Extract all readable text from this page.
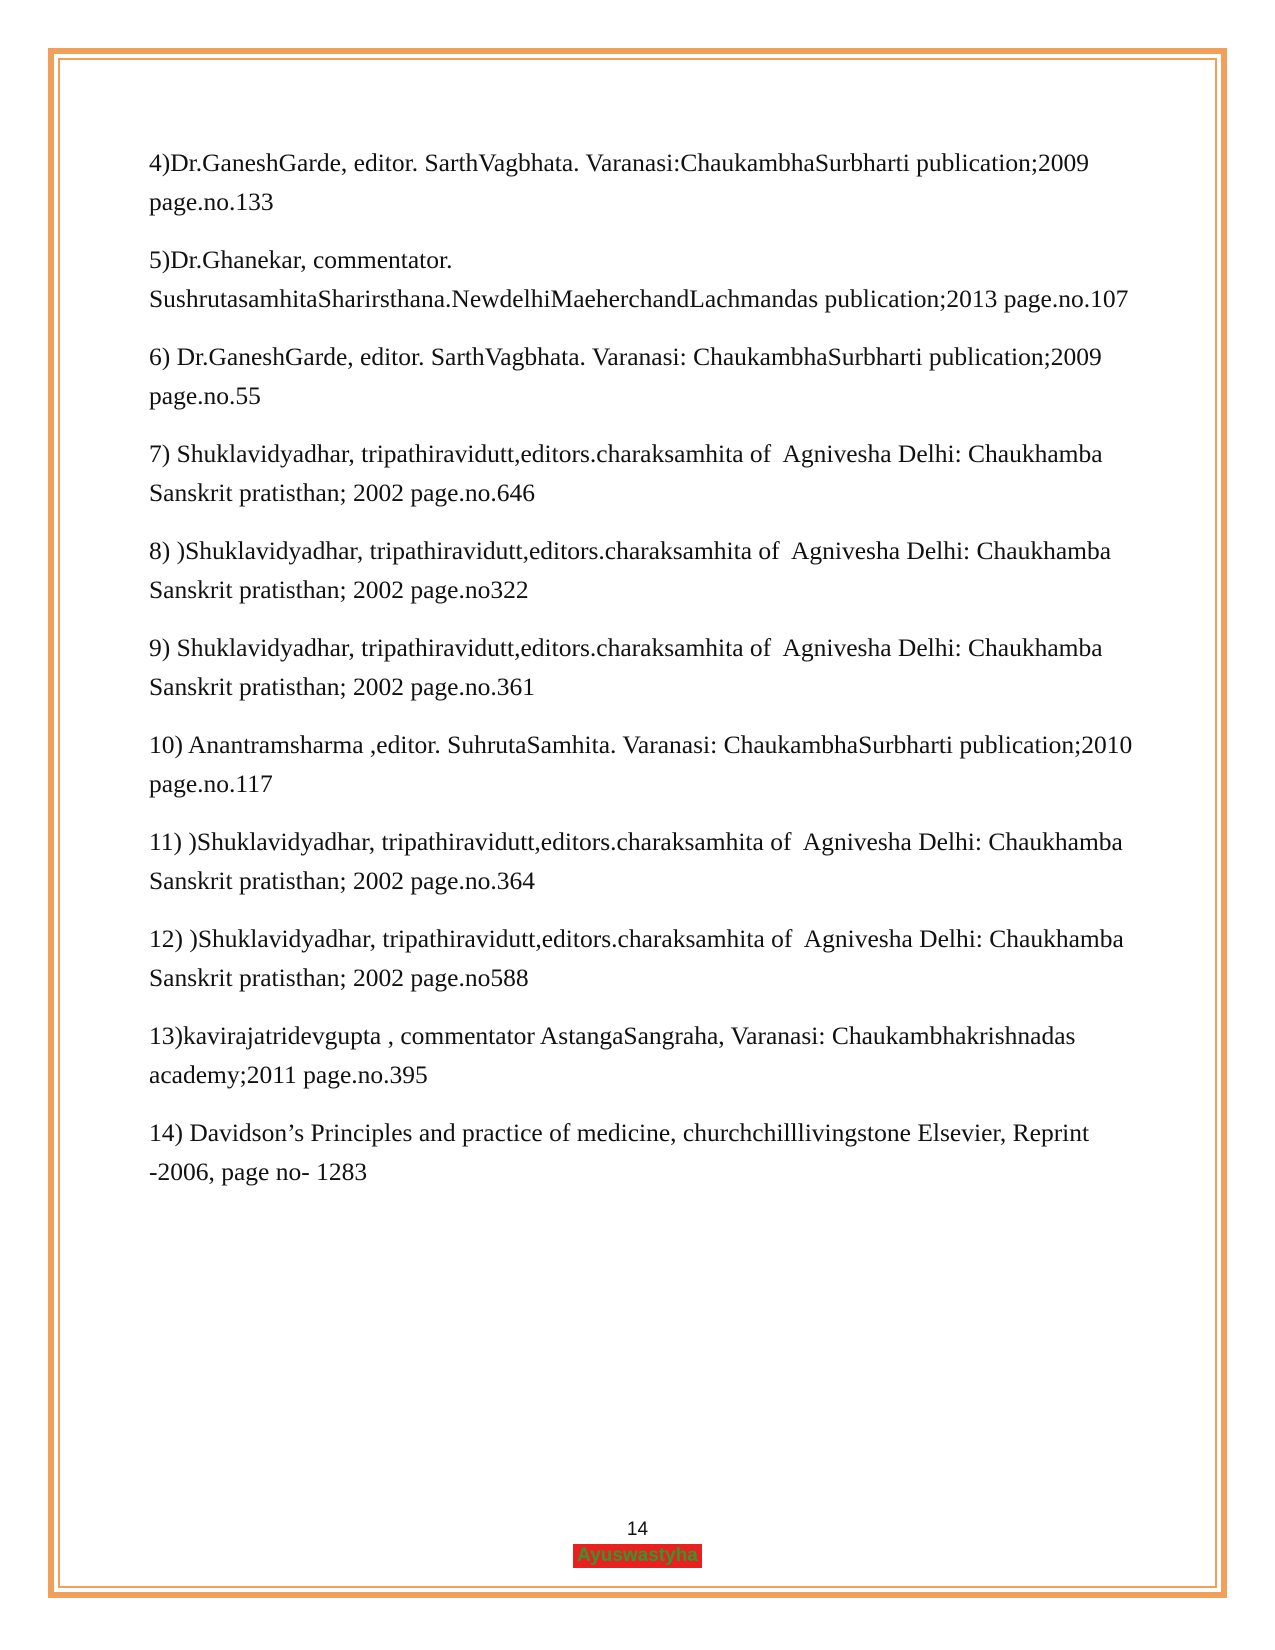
4)Dr.GaneshGarde, editor. SarthVagbhata. Varanasi:ChaukambhaSurbharti publication;2009 page.no.133
5)Dr.Ghanekar, commentator.
SushrutasamhitaSharirsthana.NewdelhiMaeherchandLachmandas publication;2013 page.no.107
6) Dr.GaneshGarde, editor. SarthVagbhata. Varanasi: ChaukambhaSurbharti publication;2009 page.no.55
7) Shuklavidyadhar, tripathiravidutt,editors.charaksamhita of  Agnivesha Delhi: Chaukhamba Sanskrit pratisthan; 2002 page.no.646
8) )Shuklavidyadhar, tripathiravidutt,editors.charaksamhita of  Agnivesha Delhi: Chaukhamba Sanskrit pratisthan; 2002 page.no322
9) Shuklavidyadhar, tripathiravidutt,editors.charaksamhita of  Agnivesha Delhi: Chaukhamba Sanskrit pratisthan; 2002 page.no.361
10) Anantramsharma ,editor. SuhrutaSamhita. Varanasi: ChaukambhaSurbharti publication;2010 page.no.117
11) )Shuklavidyadhar, tripathiravidutt,editors.charaksamhita of  Agnivesha Delhi: Chaukhamba Sanskrit pratisthan; 2002 page.no.364
12) )Shuklavidyadhar, tripathiravidutt,editors.charaksamhita of  Agnivesha Delhi: Chaukhamba Sanskrit pratisthan; 2002 page.no588
13)kavirajatridevgupta , commentator AstangaSangraha, Varanasi: Chaukambhakrishnadas academy;2011 page.no.395
14) Davidson’s Principles and practice of medicine, churchchilllivingstone Elsevier, Reprint -2006, page no- 1283
14
Ayuswastyha
